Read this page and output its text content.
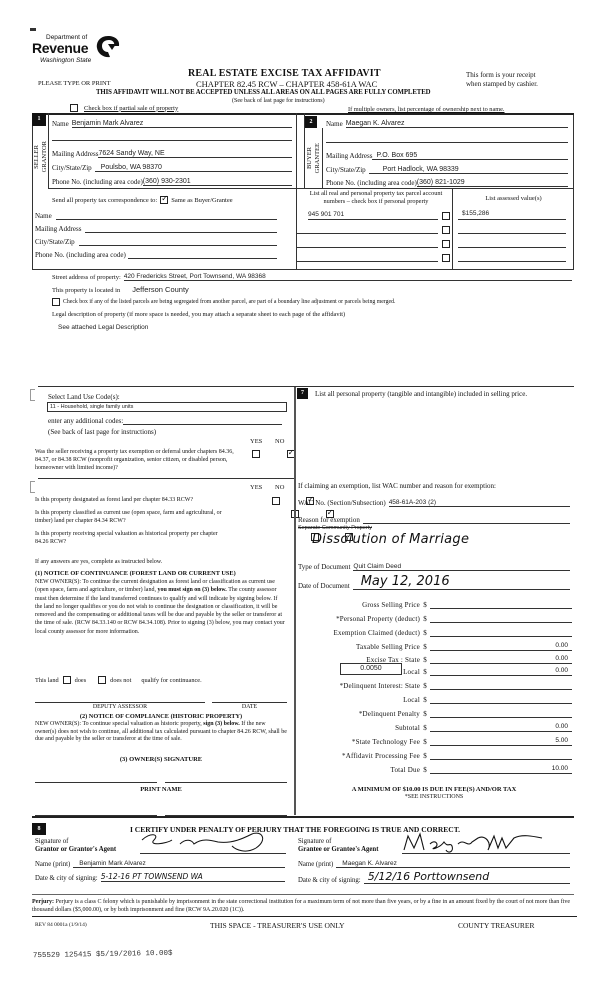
Department of
Revenue
Washington State
PLEASE TYPE OR PRINT
REAL ESTATE EXCISE TAX AFFIDAVIT
CHAPTER 82.45 RCW – CHAPTER 458-61A WAC
THIS AFFIDAVIT WILL NOT BE ACCEPTED UNLESS ALL AREAS ON ALL PAGES ARE FULLY COMPLETED
(See back of last page for instructions)
This form is your receipt
when stamped by cashier.
Check box if partial sale of property	If multiple owners, list percentage of ownership next to name.
1
SELLER GRANTOR
Name Benjamin Mark Alvarez
Mailing Address 7624 Sandy Way, NE
City/State/Zip	Poulsbo, WA 98370
Phone No. (including area code) (360) 930-2301
2
BUYER GRANTEE
Name Maegan K. Alvarez
Mailing Address P.O. Box 695
City/State/Zip	Port Hadlock, WA 98339
Phone No. (including area code) (360) 821-1029
Send all property tax correspondence to: ✓ Same as Buyer/Grantee
Name
Mailing Address
City/State/Zip
Phone No. (including area code)
List all real and personal property tax parcel account
numbers – check box if personal property	List assessed value(s)
945 901 701	$155,286
Street address of property: 420 Fredericks Street, Port Townsend, WA 98368
This property is located in Jefferson County
Check box if any of the listed parcels are being segregated from another parcel, are part of a boundary line adjustment or parcels being merged.
Legal description of property (if more space is needed, you may attach a separate sheet to each page of the affidavit)
See attached Legal Description
Select Land Use Code(s):
11 - Household, single family units
enter any additional codes:
(See back of last page for instructions)
YES NO
Was the seller receiving a property tax exemption or deferral under chapters 84.36, 84.37, or 84.38 RCW (nonprofit organization, senior citizen, or disabled person, homeowner with limited income)?
✓
YES NO
Is this property designated as forest land per chapter 84.33 RCW?
✓
Is this property classified as current use (open space, farm and agricultural, or timber) land per chapter 84.34 RCW?
✓
Is this property receiving special valuation as historical property per chapter 84.26 RCW?
✓
If any answers are yes, complete as instructed below.
(1) NOTICE OF CONTINUANCE (FOREST LAND OR CURRENT USE)
NEW OWNER(S): To continue the current designation as forest land or classification as current use (open space, farm and agriculture, or timber) land, you must sign on (3) below. The county assessor must then determine if the land transferred continues to qualify and will indicate by signing below. If the land no longer qualifies or you do not wish to continue the designation or classification, it will be removed and the compensating or additional taxes will be due and payable by the seller or transferor at the time of sale. (RCW 84.33.140 or RCW 84.34.108). Prior to signing (3) below, you may contact your local county assessor for more information.
This land	does	does not qualify for continuance.
DEPUTY ASSESSOR	DATE
(2) NOTICE OF COMPLIANCE (HISTORIC PROPERTY)
NEW OWNER(S): To continue special valuation as historic property, sign (3) below. If the new owner(s) does not wish to continue, all additional tax calculated pursuant to chapter 84.26 RCW, shall be due and payable by the seller or transferor at the time of sale.
(3) OWNER(S) SIGNATURE
PRINT NAME
7	List all personal property (tangible and intangible) included in selling price.
If claiming an exemption, list WAC number and reason for exemption:
WAC No. (Section/Subsection) 458-61A-203 (2)
Reason for exemption
Separate Community Property
Dissolution of Marriage
Type of Document Quit Claim Deed
Date of Document May 12, 2016
Gross Selling Price $
*Personal Property (deduct) $
Exemption Claimed (deduct) $
Taxable Selling Price $	0.00
Excise Tax : State $	0.00
0.0050	Local $	0.00
*Delinquent Interest: State $
Local $
*Delinquent Penalty $
Subtotal $	0.00
*State Technology Fee $	5.00
*Affidavit Processing Fee $
Total Due $	10.00
A MINIMUM OF $10.00 IS DUE IN FEE(S) AND/OR TAX
*SEE INSTRUCTIONS
8	I CERTIFY UNDER PENALTY OF PERJURY THAT THE FOREGOING IS TRUE AND CORRECT.
Signature of
Grantor or Grantor's Agent
Name (print)	Benjamin Mark Alvarez
Date & city of signing: 5-12-16 PT TOWNSEND WA
Signature of
Grantee or Grantee's Agent
Name (print)	Maegan K. Alvarez
Date & city of signing: 5/12/16 Porttownsend
Perjury: Perjury is a class C felony which is punishable by imprisonment in the state correctional institution for a maximum term of not more than five years, or by a fine in an amount fixed by the court of not more than five thousand dollars ($5,000.00), or by both imprisonment and fine (RCW 9A.20.020 (1C)).
REV 84 0001a (1/9/14)	THIS SPACE - TREASURER'S USE ONLY	COUNTY TREASURER
755529 125415 $5/19/2016 10.00$
